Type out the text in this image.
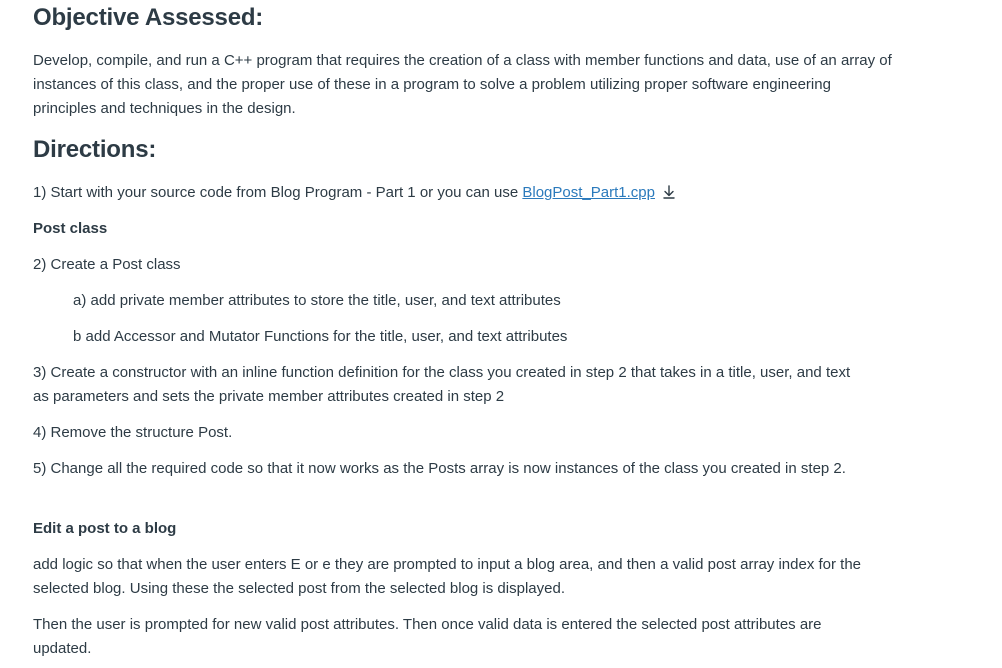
Objective Assessed:

Develop, compile, and run a C++ program that requires the creation of a class with member functions and data, use of an array of instances of this class, and the proper use of these in a program to solve a problem utilizing proper software engineering principles and techniques in the design.

Directions:

1) Start with your source code from Blog Program - Part 1 or you can use BlogPost_Part1.cpp

Post class

2) Create a Post class

a) add private member attributes to store the title, user, and text attributes

b add Accessor and Mutator Functions for the title, user, and text attributes

3) Create a constructor with an inline function definition for the class you created in step 2 that takes in a title, user, and text as parameters and sets the private member attributes created in step 2

4) Remove the structure Post.

5) Change all the required code so that it now works as the Posts array is now instances of the class you created in step 2.

Edit a post to a blog

add logic so that when the user enters E or e they are prompted to input a blog area, and then a valid post array index for the selected blog. Using these the selected post from the selected blog is displayed.

Then the user is prompted for new valid post attributes. Then once valid data is entered the selected post attributes are updated.
